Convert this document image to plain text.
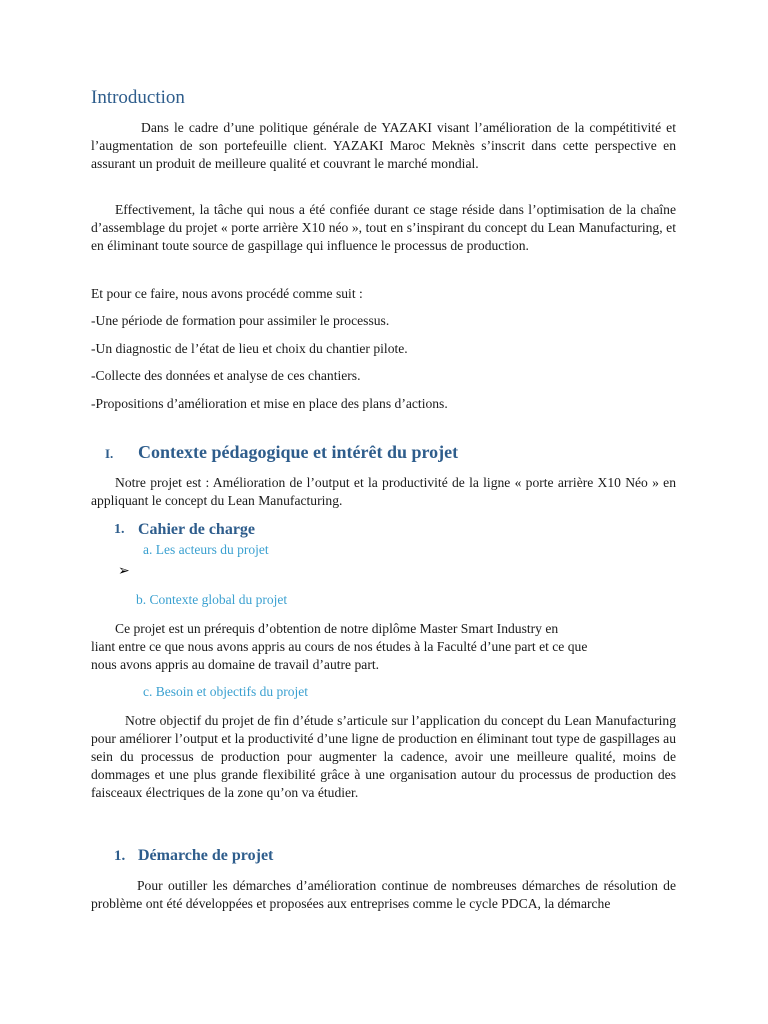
Introduction

Dans le cadre d’une politique générale de YAZAKI visant l’amélioration de la compétitivité et l’augmentation de son portefeuille client. YAZAKI Maroc Meknès s’inscrit dans cette perspective en assurant un produit de meilleure qualité et couvrant le marché mondial.

Effectivement, la tâche qui nous a été confiée durant ce stage réside dans l’optimisation de la chaîne d’assemblage du projet « porte arrière X10 néo », tout en s’inspirant du concept du Lean Manufacturing, et en éliminant toute source de gaspillage qui influence le processus de production.

Et pour ce faire, nous avons procédé comme suit :

-Une période de formation pour assimiler le processus.

-Un diagnostic de l’état de lieu et choix du chantier pilote.

-Collecte des données et analyse de ces chantiers.

-Propositions d’amélioration et mise en place des plans d’actions.

I. Contexte pédagogique et intérêt du projet

Notre projet est : Amélioration de l’output et la productivité de la ligne « porte arrière X10 Néo » en appliquant le concept du Lean Manufacturing.

1. Cahier de charge

a. Les acteurs du projet

➢

b. Contexte global du projet

Ce projet est un prérequis d’obtention de notre diplôme Master Smart Industry en

liant entre ce que nous avons appris au cours de nos études à la Faculté d’une part et ce que

nous avons appris au domaine de travail d’autre part.

c. Besoin et objectifs du projet

Notre objectif du projet de fin d’étude s’articule sur l’application du concept du Lean Manufacturing pour améliorer l’output et la productivité d’une ligne de production en éliminant tout type de gaspillages au sein du processus de production pour augmenter la cadence, avoir une meilleure qualité, moins de dommages et une plus grande flexibilité grâce à une organisation autour du processus de production des faisceaux électriques de la zone qu’on va étudier.

1. Démarche de projet

Pour outiller les démarches d’amélioration continue de nombreuses démarches de résolution de problème ont été développées et proposées aux entreprises comme le cycle PDCA, la démarche
